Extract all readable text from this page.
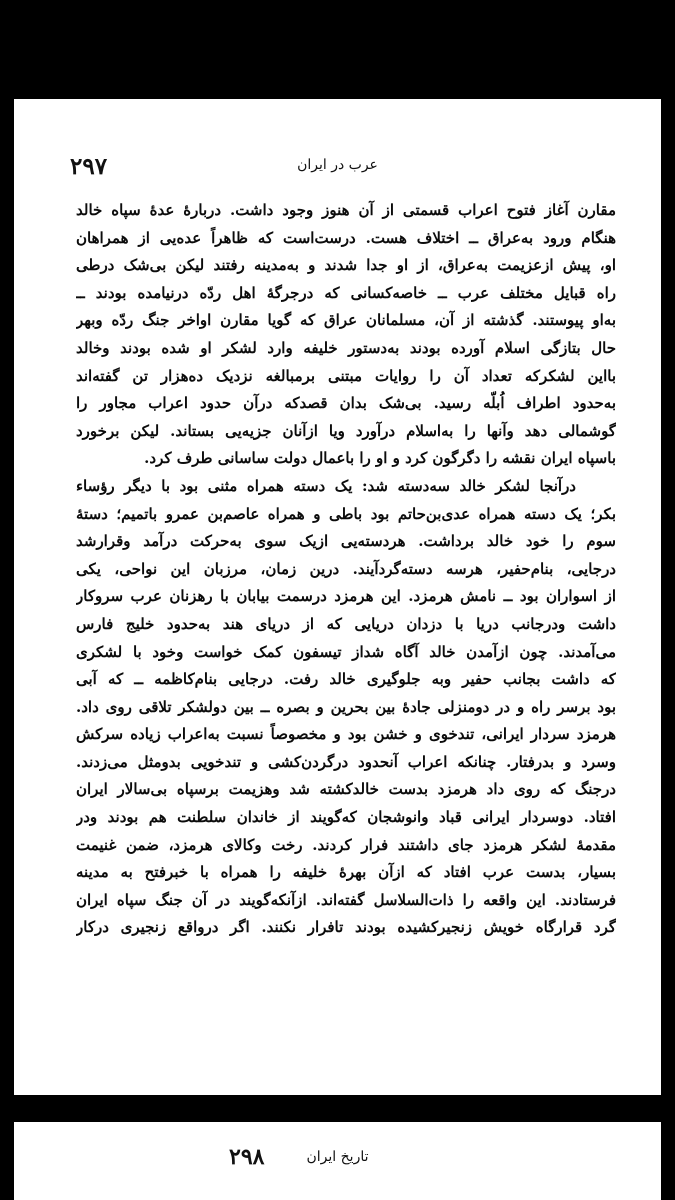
۲۹۷	عرب در ایران
مقارن آغاز فتوح اعراب قسمتی از آن هنوز وجود داشت. دربارهٔ عدهٔ سپاه خالد
هنگام ورود به‌عراق ــ اختلاف هست. درست‌است که ظاهراً عده‌یی از همراهان
او، پیش ازعزیمت به‌عراق، از او جدا شدند و به‌مدینه رفتند لیکن بی‌شک درطی
راه قبایل مختلف عرب ــ خاصه‌کسانی که درجرگهٔ اهل ردّه درنیامده بودند ــ
به‌او پیوستند. گذشته از آن، مسلمانان عراق که گویا مقارن اواخر جنگ ردّه وبهر
حال بتازگی اسلام آورده بودند به‌دستور خلیفه وارد لشکر او شده بودند وخالد
بااین لشکرکه تعداد آن را روایات مبتنی برمبالغه نزدیک ده‌هزار تن گفته‌اند
به‌حدود اطراف اُبلّه رسید. بی‌شک بدان قصدکه درآن حدود اعراب مجاور را
گوشمالی دهد وآنها را به‌اسلام درآورد ویا ازآنان جزیه‌یی بستاند. لیکن برخورد
باسپاه ایران نقشه را دگرگون کرد و او را باعمال دولت ساسانی طرف کرد.
درآنجا لشکر خالد سه‌دسته شد: یک دسته همراه مثنی بود با دیگر رؤساء
بکر؛ یک دسته همراه عدی‌بن‌حاتم بود باطی و همراه عاصم‌بن عمرو باتمیم؛ دستهٔ
سوم را خود خالد برداشت. هردسته‌یی ازیک سوی به‌حرکت درآمد وقرارشد
درجایی، بنام‌حفیر، هرسه دسته‌گردآیند. درین زمان، مرزبان این نواحی، یکی
از اسواران بود ــ نامش هرمزد. این هرمزد درسمت بیابان با رهزنان عرب سروکار
داشت ودرجانب دریا با دزدان دریایی که از دریای هند به‌حدود خلیج فارس
می‌آمدند. چون ازآمدن خالد آگاه شداز تیسفون کمک خواست وخود با لشکری
که داشت بجانب حفیر وبه جلوگیری خالد رفت. درجایی بنام‌کاظمه ــ که آبی
بود برسر راه و در دومنزلی جادهٔ بین بحرین و بصره ــ بین دولشکر تلاقی روی داد.
هرمزد سردار ایرانی، تندخوی و خشن بود و مخصوصاً نسبت به‌اعراب زیاده سرکش
وسرد و بدرفتار. چنانکه اعراب آنحدود درگردن‌کشی و تندخویی بدومثل می‌زدند.
درجنگ که روی داد هرمزد بدست خالدکشته شد وهزیمت برسپاه بی‌سالار ایران
افتاد. دوسردار ایرانی قباد وانوشجان که‌گویند از خاندان سلطنت هم بودند ودر
مقدمهٔ لشکر هرمزد جای داشتند فرار کردند. رخت وکالای هرمزد، ضمن غنیمت
بسیار، بدست عرب افتاد که ازآن بهرهٔ خلیفه را همراه با خبرفتح به مدینه
فرستادند. این واقعه را ذات‌السلاسل گفته‌اند. ازآنکه‌گویند در آن جنگ سپاه ایران
گرد قرارگاه خویش زنجیرکشیده بودند تافرار نکنند. اگر درواقع زنجیری درکار
۲۹۸	تاریخ ایران
